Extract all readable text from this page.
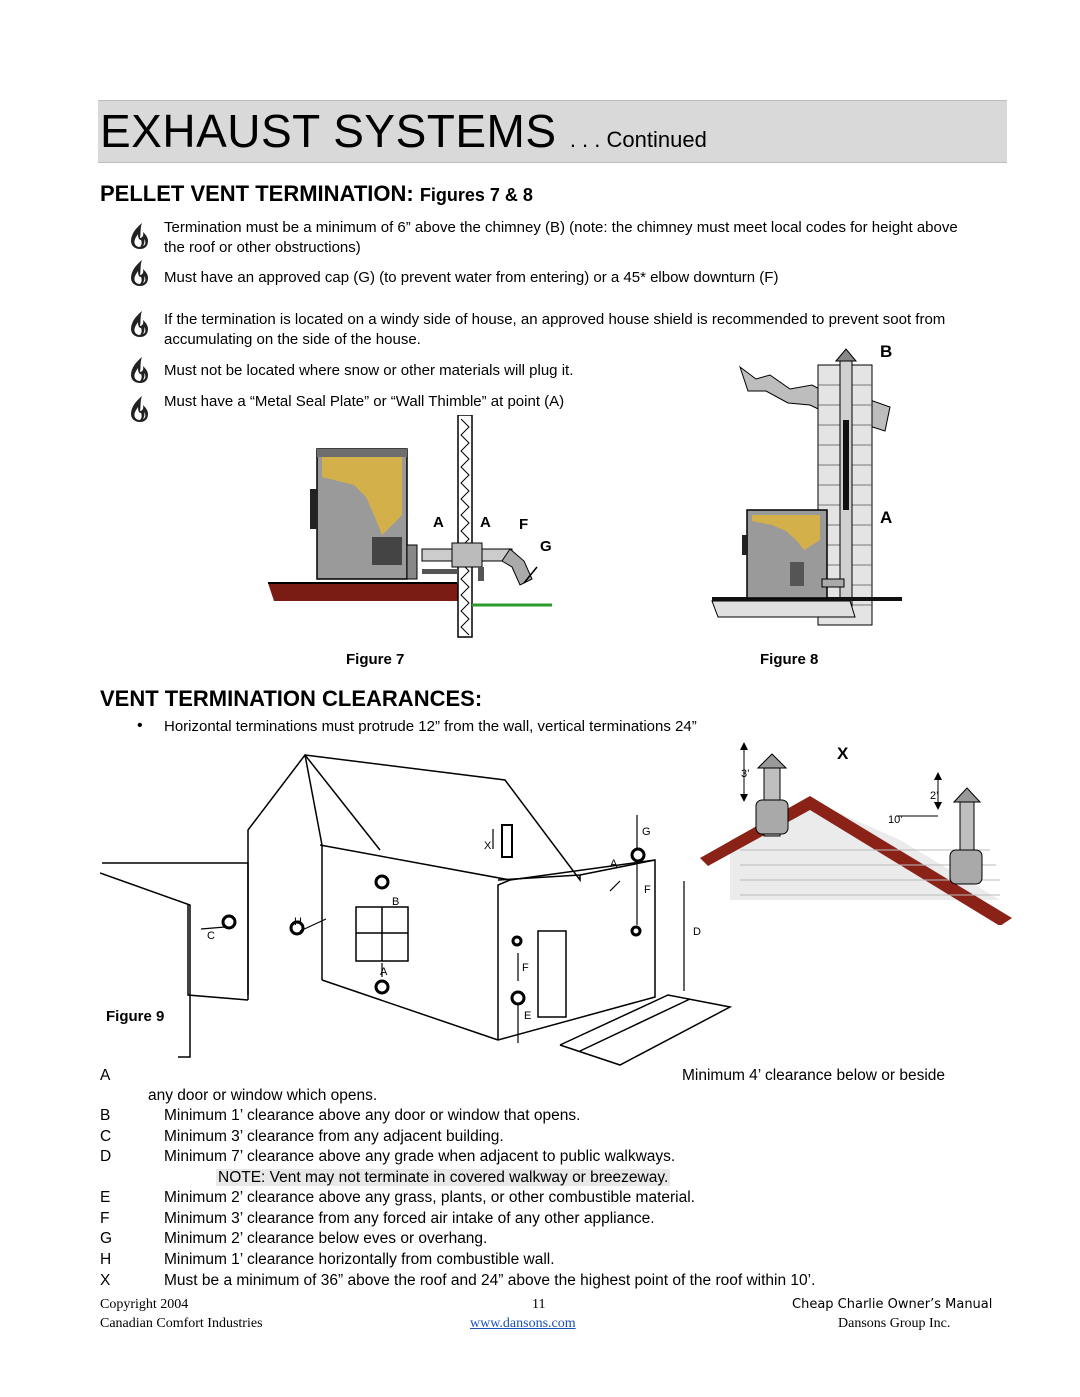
EXHAUST SYSTEMS . . . Continued
PELLET VENT TERMINATION: Figures 7 & 8
Termination must be a minimum of 6” above the chimney (B) (note: the chimney must meet local codes for height above the roof or other obstructions)
Must have an approved cap (G) (to prevent water from entering) or a 45* elbow downturn (F)
If the termination is located on a windy side of house, an approved house shield is recommended to prevent soot from accumulating on the side of the house.
Must not be located where snow or other materials will plug it.
Must have a “Metal Seal Plate” or “Wall Thimble” at point (A)
A A F
G
B
A
Figure 7	Figure 8
VENT TERMINATION CLEARANCES:
• Horizontal terminations must protrude 12” from the wall, vertical terminations 24”
X
3’
2’
10’
X
G
A
F
B
H
C	D
F
A
E
Figure 9
A	Minimum 4’ clearance below or beside
any door or window which opens.
B	Minimum 1’ clearance above any door or window that opens.
C	Minimum 3’ clearance from any adjacent building.
D	Minimum 7’ clearance above any grade when adjacent to public walkways.
NOTE: Vent may not terminate in covered walkway or breezeway.
E	Minimum 2’ clearance above any grass, plants, or other combustible material.
F	Minimum 3’ clearance from any forced air intake of any other appliance.
G	Minimum 2’ clearance below eves or overhang.
H	Minimum 1’ clearance horizontally from combustible wall.
X	Must be a minimum of 36” above the roof and 24” above the highest point of the roof within 10’.
Copyright 2004	11	Cheap Charlie Owner’s Manual
Canadian Comfort Industries	www.dansons.com	Dansons Group Inc.
